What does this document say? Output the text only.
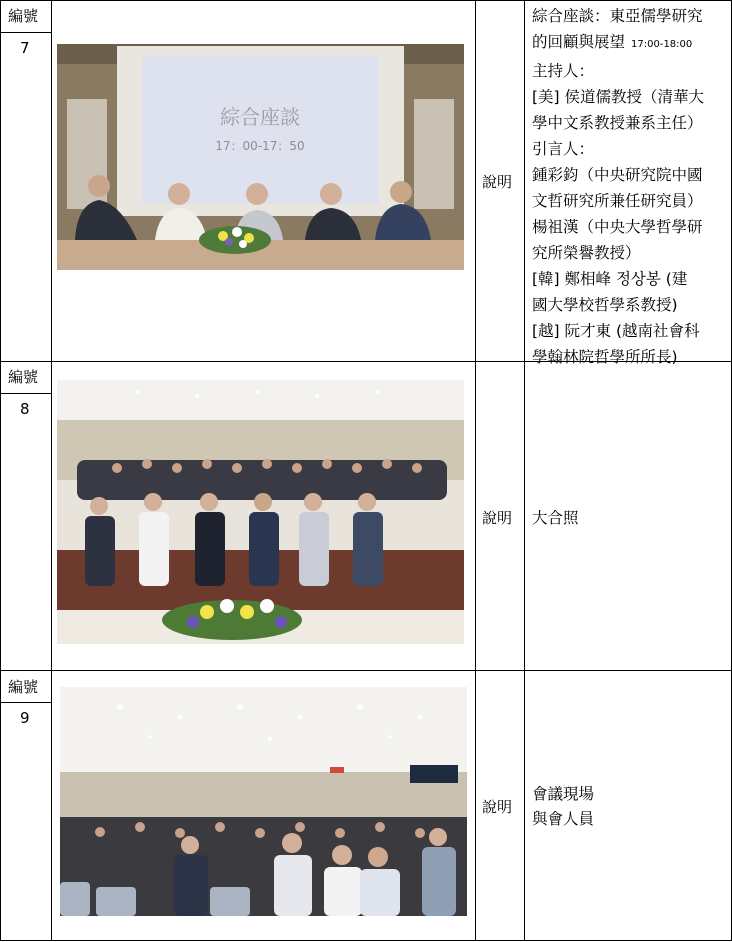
編號
7
綜合座談
17：00-17：50
說明
綜合座談：東亞儒學研究
的回顧與展望 17:00-18:00
主持人：
[美] 侯道儒教授（清華大
學中文系教授兼系主任）
引言人：
鍾彩鈞（中央研究院中國
文哲研究所兼任研究員）
楊祖漢（中央大學哲學研
究所榮譽教授）
[韓] 鄭相峰 정상봉 (建
國大學校哲學系教授)
[越] 阮才東 (越南社會科
學翰林院哲學所所長)
編號
8
說明 大合照
編號
9
說明
會議現場
與會人員
